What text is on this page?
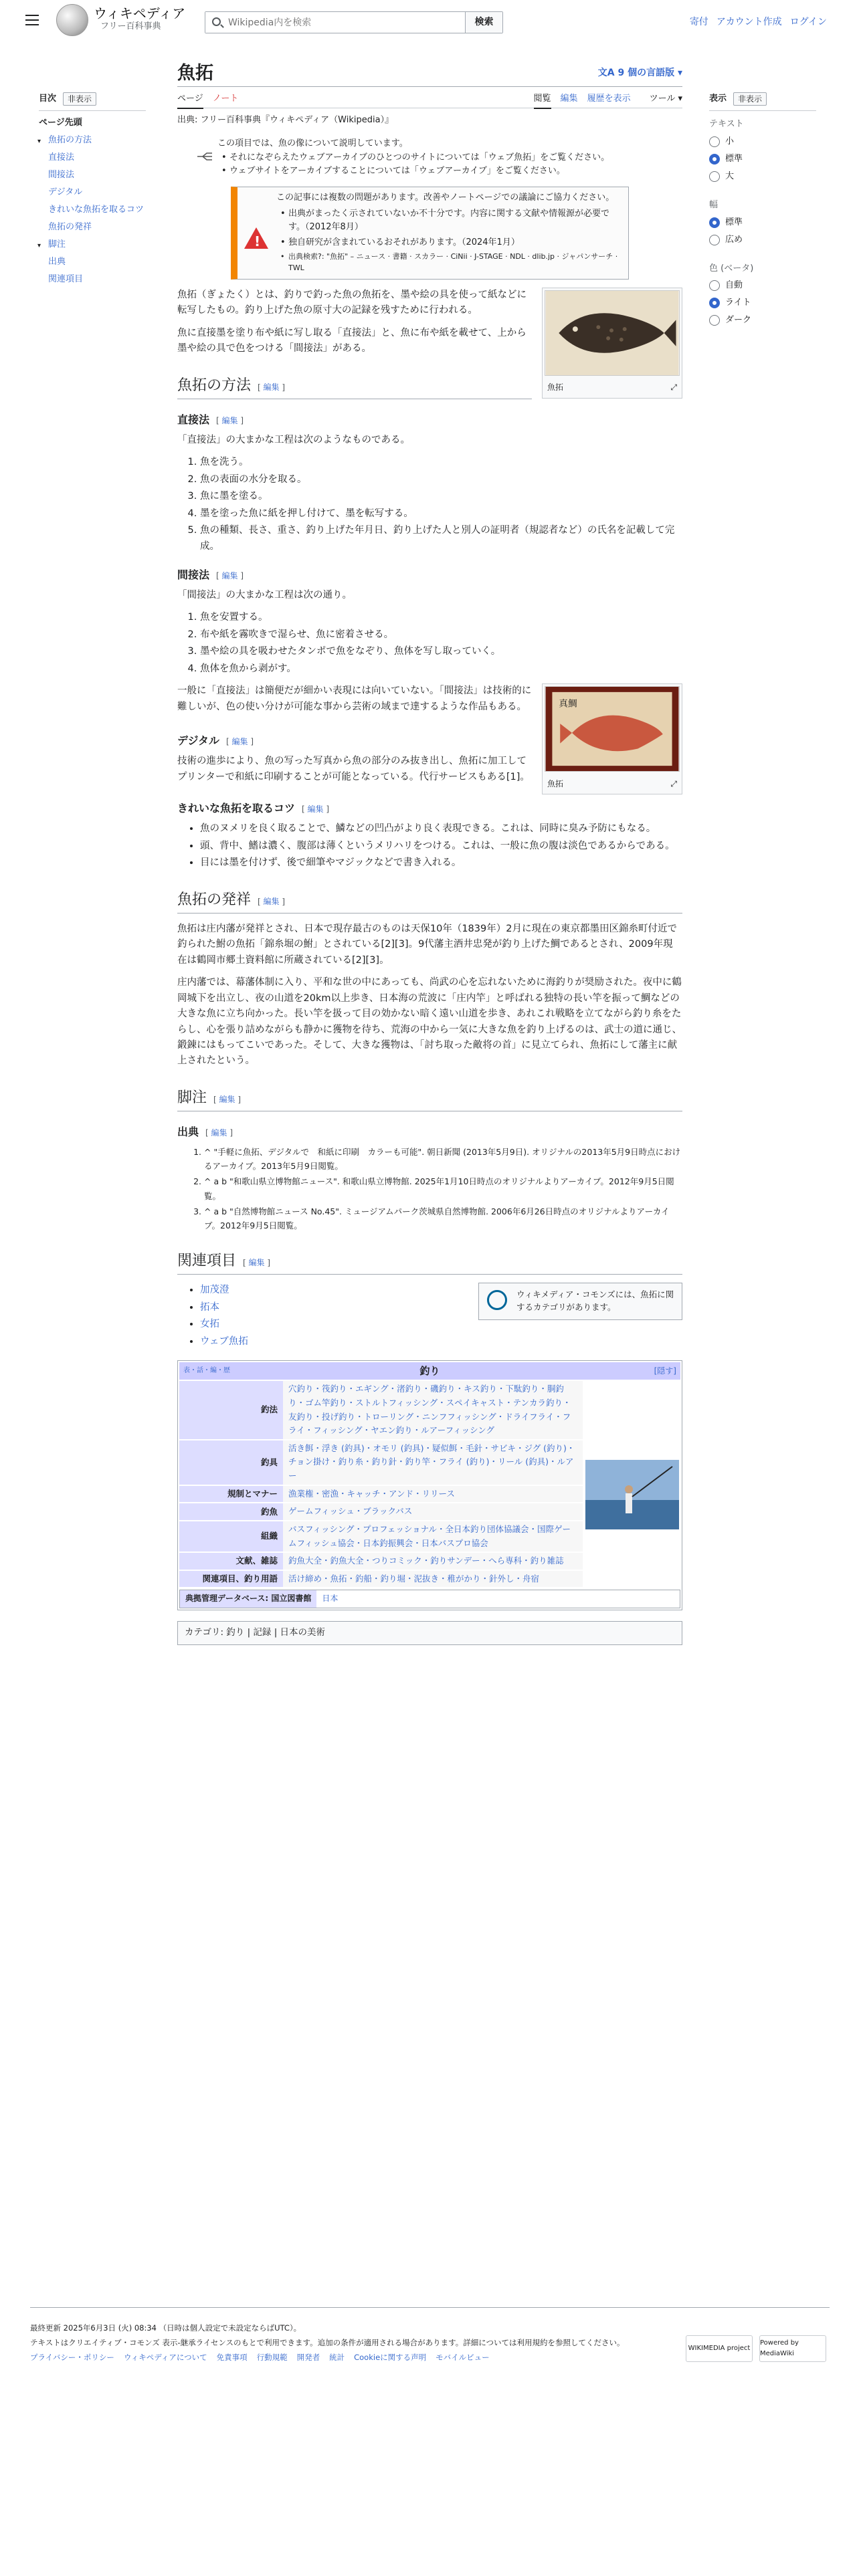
ウィキペディア
フリー百科事典
Wikipedia内を検索	検索	寄付 アカウント作成 ログイン
目次	非表示
ページ先頭
▾ 魚拓の方法
直接法
間接法
デジタル
きれいな魚拓を取るコツ
魚拓の発祥
▾ 脚注
出典
関連項目
表示	非表示
テキスト
小
標準
大
幅
標準
広め
色 (ベータ)
自動
ライト
ダーク
魚拓	文A 9 個の言語版 ▾
ページ ノート	閲覧 編集 履歴を表示 ツール ▾
出典: フリー百科事典『ウィキペディア（Wikipedia）』
この項目では、魚の像について説明しています。
• それになぞらえたウェブアーカイブのひとつのサイトについては「ウェブ魚拓」をご覧ください。
• ウェブサイトをアーカイブすることについては「ウェブアーカイブ」をご覧ください。
!
この記事には複数の問題があります。改善やノートページでの議論にご協力ください。
• 出典がまったく示されていないか不十分です。内容に関する文献や情報源が必要です。（2012年8月）
• 独自研究が含まれているおそれがあります。（2024年1月）
• 出典検索?: "魚拓" – ニュース · 書籍 · スカラー · CiNii · J-STAGE · NDL · dlib.jp · ジャパンサーチ · TWL
魚拓	⤢

魚拓（ぎょたく）とは、釣りで釣った魚の魚拓を、墨や絵の具を使って紙などに転写したもの。釣り上げた魚の原寸大の記録を残すために行われる。

魚に直接墨を塗り布や紙に写し取る「直接法」と、魚に布や紙を載せて、上から墨や絵の具で色をつける「間接法」がある。

魚拓の方法 [ 編集 ]
直接法 [ 編集 ]

「直接法」の大まかな工程は次のようなものである。

1. 魚を洗う。
2. 魚の表面の水分を取る。
3. 魚に墨を塗る。
4. 墨を塗った魚に紙を押し付けて、墨を転写する。
5. 魚の種類、長さ、重さ、釣り上げた年月日、釣り上げた人と別人の証明者（規認者など）の氏名を記載して完成。
間接法 [ 編集 ]

「間接法」の大まかな工程は次の通り。

1. 魚を安置する。
2. 布や紙を霧吹きで湿らせ、魚に密着させる。
3. 墨や絵の具を吸わせたタンポで魚をなぞり、魚体を写し取っていく。
4. 魚体を魚から剥がす。
真鯛
魚拓	⤢

一般に「直接法」は簡便だが細かい表現には向いていない。「間接法」は技術的に難しいが、色の使い分けが可能な事から芸術の域まで達するような作品もある。

デジタル [ 編集 ]

技術の進歩により、魚の写った写真から魚の部分のみ抜き出し、魚拓に加工してプリンターで和紙に印刷することが可能となっている。代行サービスもある[1]。

きれいな魚拓を取るコツ [ 編集 ]
• 魚のヌメリを良く取ることで、鱗などの凹凸がより良く表現できる。これは、同時に臭み予防にもなる。
• 頭、背中、鰭は濃く、腹部は薄くというメリハリをつける。これは、一般に魚の腹は淡色であるからである。
• 目には墨を付けず、後で細筆やマジックなどで書き入れる。
魚拓の発祥 [ 編集 ]

魚拓は庄内藩が発祥とされ、日本で現存最古のものは天保10年（1839年）2月に現在の東京都墨田区錦糸町付近で釣られた鮒の魚拓「錦糸堀の鮒」とされている[2][3]。9代藩主酒井忠発が釣り上げた鯛であるとされ、2009年現在は鶴岡市郷土資料館に所蔵されている[2][3]。

庄内藩では、幕藩体制に入り、平和な世の中にあっても、尚武の心を忘れないために海釣りが奨励された。夜中に鶴岡城下を出立し、夜の山道を20km以上歩き、日本海の荒波に「庄内竿」と呼ばれる独特の長い竿を振って鯛などの大きな魚に立ち向かった。長い竿を扱って目の効かない暗く遠い山道を歩き、あれこれ戦略を立てながら釣り糸をたらし、心を張り詰めながらも静かに獲物を待ち、荒海の中から一気に大きな魚を釣り上げるのは、武士の道に通じ、鍛錬にはもってこいであった。そして、大きな獲物は、「討ち取った敵将の首」に見立てられ、魚拓にして藩主に献上されたという。

脚注 [ 編集 ]
出典 [ 編集 ]
1. ^ "手軽に魚拓、デジタルで　和紙に印刷　カラーも可能". 朝日新聞 (2013年5月9日). オリジナルの2013年5月9日時点におけるアーカイブ。2013年5月9日閲覧。
2. ^ a b "和歌山県立博物館ニュース". 和歌山県立博物館. 2025年1月10日時点のオリジナルよりアーカイブ。2012年9月5日閲覧。
3. ^ a b "自然博物館ニュース No.45". ミュージアムパーク茨城県自然博物館. 2006年6月26日時点のオリジナルよりアーカイブ。2012年9月5日閲覧。
関連項目 [ 編集 ]
ウィキメディア・コモンズには、魚拓に関するカテゴリがあります。
• 加茂澄
• 拓本
• 女拓
• ウェブ魚拓
表・話・編・歴	釣り	[隠す]
釣法	穴釣り・筏釣り・エギング・渚釣り・磯釣り・キス釣り・下駄釣り・胴釣り・ゴム竿釣り・ストルトフィッシング・スペイキャスト・テンカラ釣り・友釣り・投げ釣り・トローリング・ニンフフィッシング・ドライフライ・フライ・フィッシング・ヤエン釣り・ルアーフィッシング
釣具	活き餌・浮き (釣具)・オモリ (釣具)・疑似餌・毛針・サビキ・ジグ (釣り)・チョン掛け・釣り糸・釣り針・釣り竿・フライ (釣り)・リール (釣具)・ルアー
規制とマナー	漁業権・密漁・キャッチ・アンド・リリース
釣魚	ゲームフィッシュ・ブラックバス
組織	バスフィッシング・プロフェッショナル・全日本釣り団体協議会・国際ゲームフィッシュ協会・日本釣振興会・日本バスプロ協会
文献、雑誌	釣魚大全・釣魚大全・つりコミック・釣りサンデー・へら専科・釣り雑誌
関連項目、釣り用語	活け締め・魚拓・釣船・釣り堀・泥抜き・稚がかり・針外し・舟宿
典拠管理データベース: 国立図書館	日本
カテゴリ: 釣り | 記録 | 日本の美術
最終更新 2025年6月3日 (火) 08:34 （日時は個人設定で未設定ならばUTC）。
テキストはクリエイティブ・コモンズ 表示-継承ライセンスのもとで利用できます。追加の条件が適用される場合があります。詳細については利用規約を参照してください。
プライバシー・ポリシー ウィキペディアについて 免責事項 行動規範 開発者 統計 Cookieに関する声明 モバイルビュー
WIKIMEDIA project
Powered by MediaWiki
